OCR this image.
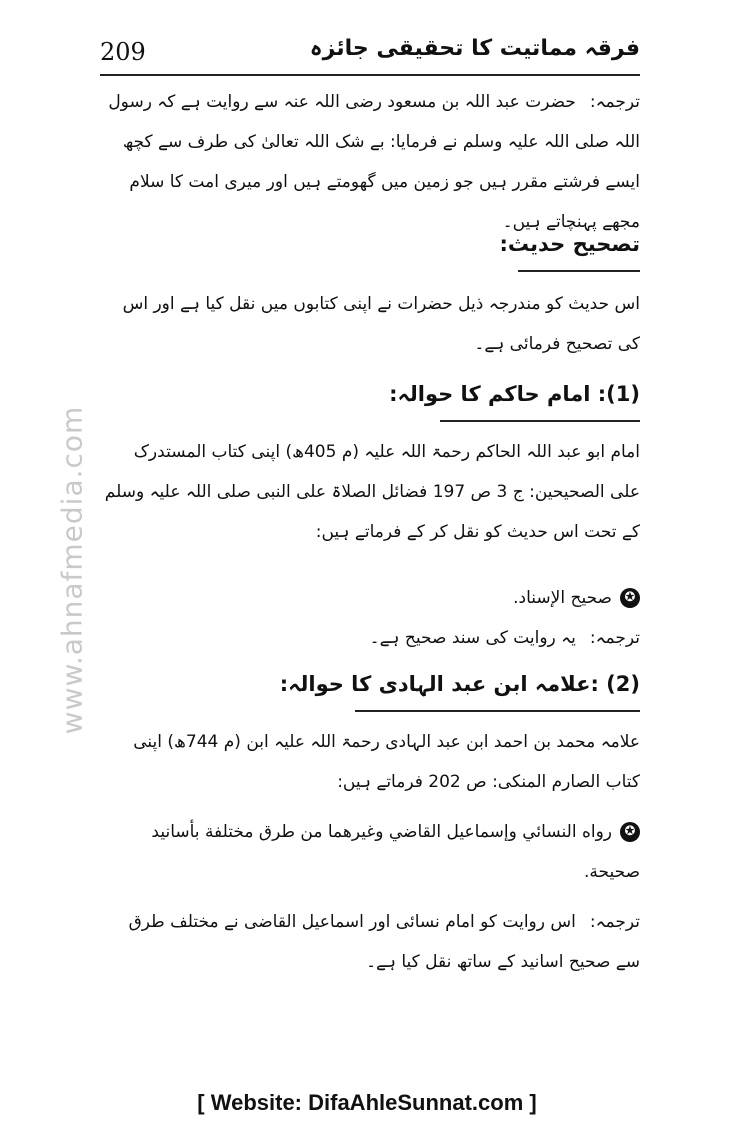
209	فرقہ مماتیت کا تحقیقی جائزہ
www.ahnafmedia.com
ترجمہ:حضرت عبد اللہ بن مسعود رضی اللہ عنہ سے روایت ہے کہ رسول اللہ صلی اللہ علیہ وسلم نے فرمایا: بے شک اللہ تعالیٰ کی طرف سے کچھ ایسے فرشتے مقرر ہیں جو زمین میں گھومتے ہیں اور میری امت کا سلام مجھے پہنچاتے ہیں۔
تصحیح حدیث:
اس حدیث کو مندرجہ ذیل حضرات نے اپنی کتابوں میں نقل کیا ہے اور اس کی تصحیح فرمائی ہے۔
(1): امام حاکم کا حوالہ:
امام ابو عبد اللہ الحاکم رحمۃ اللہ علیہ (م 405ھ) اپنی کتاب المستدرک علی الصحیحین: ج 3 ص 197 فضائل الصلاۃ علی النبی صلی اللہ علیہ وسلم کے تحت اس حدیث کو نقل کر کے فرماتے ہیں:
✪صحیح الإسناد.
ترجمہ:یہ روایت کی سند صحیح ہے۔
(2) :علامہ ابن عبد الہادی کا حوالہ:
علامہ محمد بن احمد ابن عبد الہادی رحمۃ اللہ علیہ ابن (م 744ھ) اپنی کتاب الصارم المنکی: ص 202 فرماتے ہیں:
✪رواه النسائي وإسماعيل القاضي وغيرهما من طرق مختلفة بأسانيد صحيحة.
ترجمہ:اس روایت کو امام نسائی اور اسماعیل القاضی نے مختلف طرق سے صحیح اسانید کے ساتھ نقل کیا ہے۔
[ Website: DifaAhleSunnat.com ]
